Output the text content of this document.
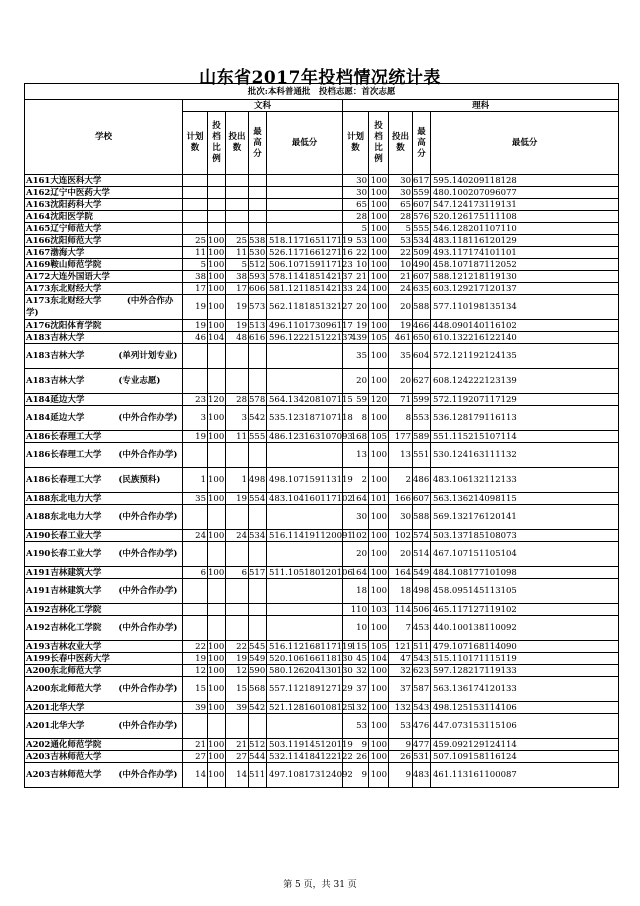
山东省2017年投档情况统计表
批次:本科普通批　投档志愿：首次志愿										
学校	文科					理科				
	计划数	投档比例	投出数	最高分	最低分	计划数	投档比例	投出数	最高分	最低分
A161大连医科大学						30	100	30	617	595.140209118128
A162辽宁中医药大学						30	100	30	559	480.100207096077
A163沈阳药科大学						65	100	65	607	547.124173119131
A164沈阳医学院						28	100	28	576	520.126175111108
A165辽宁师范大学						5	100	5	555	546.128201107110
A166沈阳师范大学	25	100	25	538	518.117165117119	53	100	53	534	483.118116120129
A167渤海大学	11	100	11	530	526.117166127116	22	100	22	509	493.117174101101
A169鞍山师范学院	5	100	5	512	506.107159117123	10	100	10	490	458.107187112052
A172大连外国语大学	38	100	38	593	578.114185142137	21	100	21	607	588.121218119130
A173东北财经大学	17	100	17	606	581.121185142133	24	100	24	635	603.129217120137
A173东北财经大学　　　(中外合作办学)	19	100	19	573	562.118185132127	20	100	20	588	577.110198135134
A176沈阳体育学院	19	100	19	513	496.110173096117	19	100	19	466	448.090140116102
A183吉林大学	46	104	48	616	596.122215122137	439	105	461	650	610.132216122140
A183吉林大学　　　　(单列计划专业)						35	100	35	604	572.121192124135
A183吉林大学　　　　(专业志愿)						20	100	20	627	608.124222123139
A184延边大学	23	120	28	578	564.134208107115	59	120	71	599	572.119207117129
A184延边大学　　　　(中外合作办学)	3	100	3	542	535.123187107118	8	100	8	553	536.128179116113
A186长春理工大学	19	100	11	555	486.123163107093	168	105	177	589	551.115215107114
A186长春理工大学　　(中外合作办学)						13	100	13	551	530.124163111132
A186长春理工大学　　(民族预科)	1	100	1	498	498.107159113119	2	100	2	486	483.106132112133
A188东北电力大学	35	100	19	554	483.104160117102	164	101	166	607	563.136214098115
A188东北电力大学　　(中外合作办学)						30	100	30	588	569.132176120141
A190长春工业大学	24	100	24	534	516.114191120091	102	100	102	574	503.137185108073
A190长春工业大学　　(中外合作办学)						20	100	20	514	467.107151105104
A191吉林建筑大学	6	100	6	517	511.105180120106	164	100	164	549	484.108177101098
A191吉林建筑大学　　(中外合作办学)						18	100	18	498	458.095145113105
A192吉林化工学院						110	103	114	506	465.117127119102
A192吉林化工学院　　(中外合作办学)						10	100	7	453	440.100138110092
A193吉林农业大学	22	100	22	545	516.112168117119	115	105	121	511	479.107168114090
A199长春中医药大学	19	100	19	549	520.106166118130	45	104	47	543	515.110171115119
A200东北师范大学	12	100	12	590	580.126204130130	32	100	32	623	597.128217119133
A200东北师范大学　　(中外合作办学)	15	100	15	568	557.112189127129	37	100	37	587	563.136174120133
A201北华大学	39	100	39	542	521.128160108125	132	100	132	543	498.125153114106
A201北华大学　　　　(中外合作办学)						53	100	53	476	447.073153115106
A202通化师范学院	21	100	21	512	503.119145120119	9	100	9	477	459.092129124114
A203吉林师范大学	27	100	27	544	532.114184122122	26	100	26	531	507.109158116124
A203吉林师范大学　　(中外合作办学)	14	100	14	511	497.108173124092	9	100	9	483	461.113161100087
第 5 页，共 31 页
